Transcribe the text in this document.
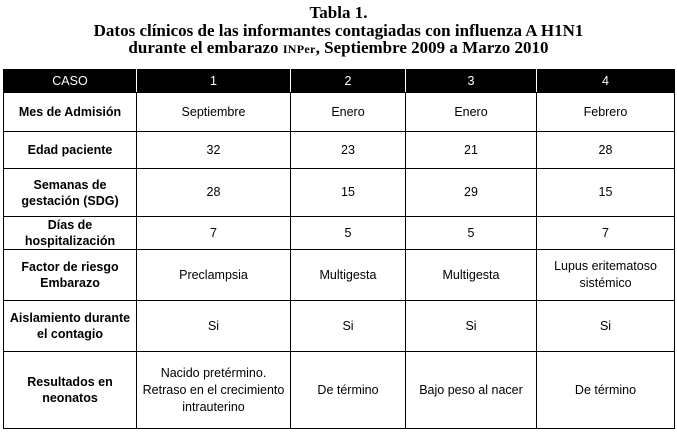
Tabla 1.
Datos clínicos de las informantes contagiadas con influenza A H1N1
durante el embarazo INPer, Septiembre 2009 a Marzo 2010
CASO	1	2	3	4
Mes de Admisión	Septiembre	Enero	Enero	Febrero
Edad paciente	32	23	21	28
Semanas de gestación (SDG)	28	15	29	15
Días de hospitalización	7	5	5	7
Factor de riesgo Embarazo	Preclampsia	Multigesta	Multigesta	Lupus eritematoso sistémico
Aislamiento durante el contagio	Si	Si	Si	Si
Resultados en neonatos	Nacido pretérmino. Retraso en el crecimiento intrauterino	De término	Bajo peso al nacer	De término
